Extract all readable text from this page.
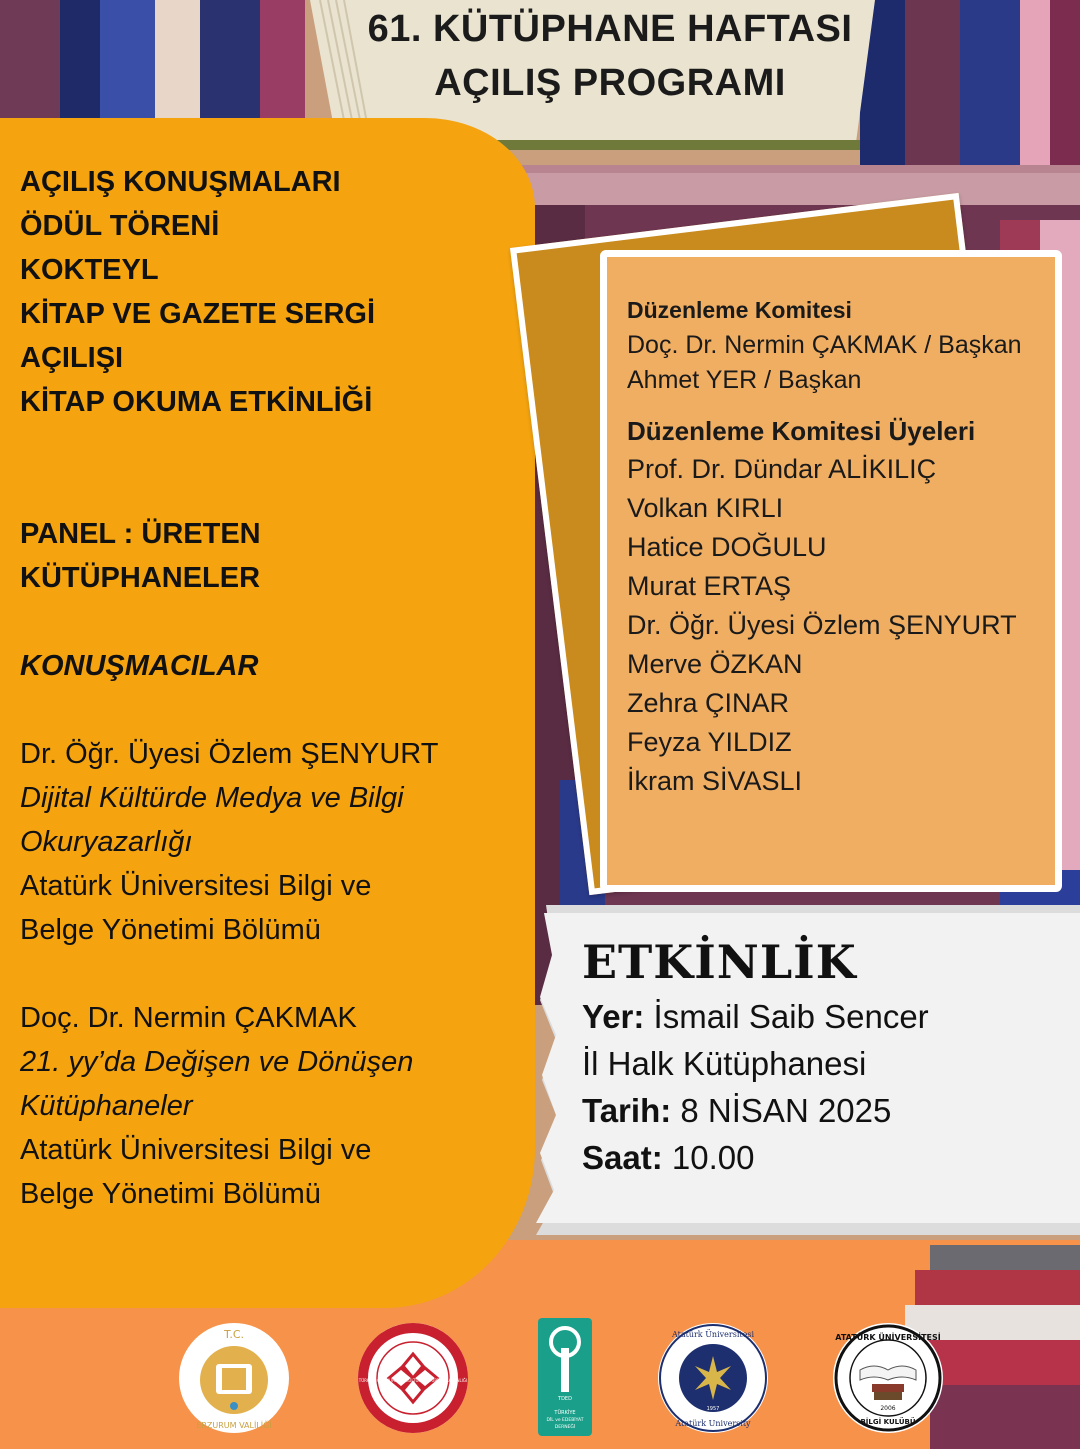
61. KÜTÜPHANE HAFTASI
AÇILIŞ PROGRAMI
AÇILIŞ KONUŞMALARI
ÖDÜL TÖRENİ
KOKTEYL
KİTAP VE GAZETE SERGİ
AÇILIŞI
KİTAP OKUMA ETKİNLİĞİ
PANEL : ÜRETEN
KÜTÜPHANELER
KONUŞMACILAR
Dr. Öğr. Üyesi Özlem ŞENYURT
Dijital Kültürde Medya ve Bilgi
Okuryazarlığı
Atatürk Üniversitesi Bilgi ve
Belge Yönetimi Bölümü
Doç. Dr. Nermin ÇAKMAK
21. yy’da Değişen ve Dönüşen
Kütüphaneler
Atatürk Üniversitesi Bilgi ve
Belge Yönetimi Bölümü
Düzenleme Komitesi
Doç. Dr. Nermin ÇAKMAK / Başkan
Ahmet YER / Başkan
Düzenleme Komitesi Üyeleri
Prof. Dr. Dündar ALİKILIÇ
Volkan KIRLI
Hatice DOĞULU
Murat ERTAŞ
Dr. Öğr. Üyesi Özlem ŞENYURT
Merve ÖZKAN
Zehra ÇINAR
Feyza YILDIZ
İkram SİVASLI
ETKİNLİK
Yer: İsmail Saib Sencer
İl Halk Kütüphanesi
Tarih: 8 NİSAN 2025
Saat: 10.00
T.C.
ERZURUM VALİLİĞİ
TÜRKİYE CUMHURİYETİ KÜLTÜR VE TURİZM BAKANLIĞI
TDED
TÜRKİYE
DİL ve EDEBİYAT
DERNEĞİ
Atatürk Üniversitesi
Atatürk University
1957
ATATÜRK ÜNİVERSİTESİ
2006
BİLGİ KULÜBÜ
